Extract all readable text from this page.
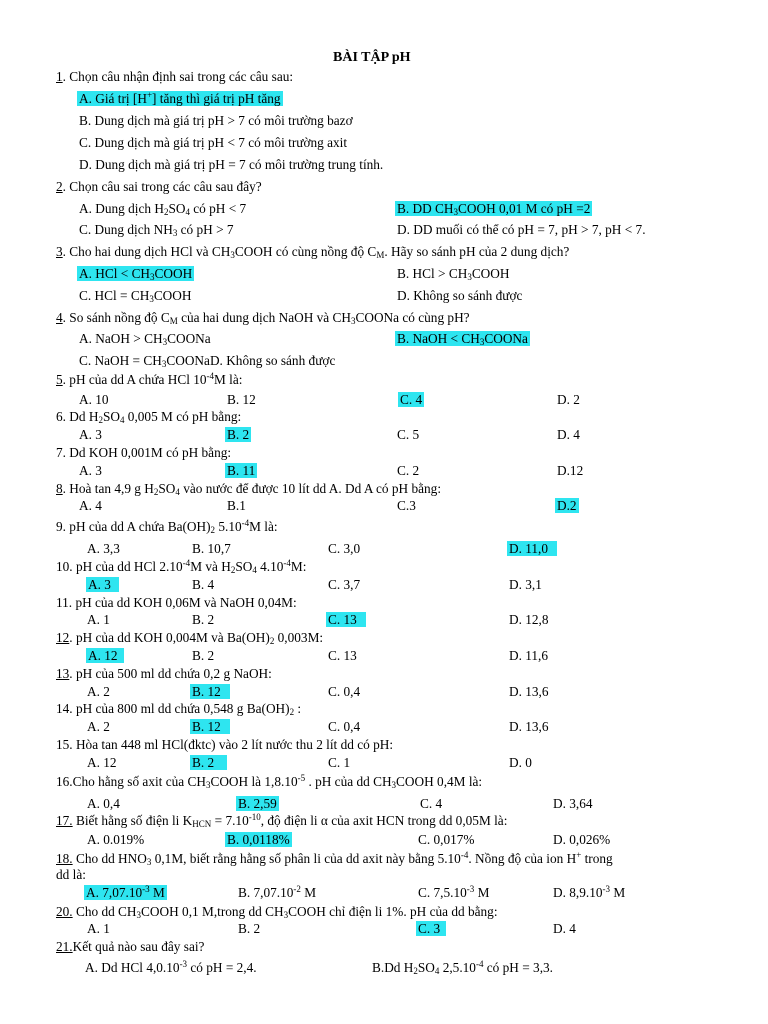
BÀI TẬP pH
1. Chọn câu nhận định sai trong các câu sau:
A. Giá trị [H+] tăng thì giá trị pH tăng
B. Dung dịch mà giá trị pH > 7 có môi trường bazơ
C. Dung dịch mà giá trị pH < 7 có môi trường axit
D. Dung dịch mà giá trị pH = 7 có môi trường trung tính.
2. Chọn câu sai trong các câu sau đây?
A. Dung dịch $H_2SO_4$ có pH < 7	B. DD $CH_3COOH$ 0,01 M có pH =2
C. Dung dịch $NH_3$ có pH > 7	D. DD muối có thể có pH = 7, pH > 7, pH < 7.
3. Cho hai dung dịch HCl và $CH_3COOH$ có cùng nồng độ $C_M$. Hãy so sánh pH của 2 dung dịch?
A. HCl < $CH_3COOH$	B. HCl > $CH_3COOH$
C. HCl = $CH_3COOH$	D. Không so sánh được
4. So sánh nồng độ $C_M$ của hai dung dịch NaOH và $CH_3COONa$ có cùng pH?
A. NaOH > $CH_3COONa$	B. NaOH < $CH_3COONa$
C. NaOH = $CH_3COONaD$. Không so sánh được
5. pH của dd A chứa HCl $10^{-4}M$ là:
A. 10	B. 12	C. 4	D. 2
6. Dd $H_2SO_4$ 0,005 M có pH bằng:
A. 3	B. 2	C. 5	D. 4
7. Dd KOH 0,001M có pH bằng:
A. 3	B. 11	C. 2	D.12
8. Hoà tan 4,9 g $H_2SO_4$ vào nước để được 10 lít dd A. Dd A có pH bằng:
A. 4	B.1	C.3	D.2
9. pH của dd A chứa $Ba(OH)_2$ $5.10^{-4}M$ là:
A. 3,3	B. 10,7	C. 3,0	D. 11,0
10. pH của dd HCl $2.10^{-4}M$ và $H_2SO_4$ $4.10^{-4}M$:
A. 3	B. 4	C. 3,7	D. 3,1
11. pH của dd KOH 0,06M và NaOH 0,04M:
A. 1	B. 2	C. 13	D. 12,8
12. pH của dd KOH 0,004M và $Ba(OH)_2$ 0,003M:
A. 12	B. 2	C. 13	D. 11,6
13. pH của 500 ml dd chứa 0,2 g NaOH:
A. 2	B. 12	C. 0,4	D. 13,6
14. pH của 800 ml dd chứa 0,548 g $Ba(OH)_2$ :
A. 2	B. 12	C. 0,4	D. 13,6
15. Hòa tan 448 ml HCl(đktc) vào 2 lít nước thu 2 lít dd có pH:
A. 12	B. 2	C. 1	D. 0
16.Cho hằng số axit của $CH_3COOH$ là $1,8.10^{-5}$ . pH của dd $CH_3COOH$ 0,4M là:
A. 0,4	B. 2,59	C. 4	D. 3,64
17. Biết hằng số điện li $K_{HCN} = 7.10^{-10}$, độ điện li α của axit HCN trong dd 0,05M là:
A. 0.019%	B. 0,0118%	C. 0,017%	D. 0,026%
18. Cho dd $HNO_3$ 0,1M, biết rằng hằng số phân li của dd axit này bằng $5.10^{-4}$. Nồng độ của ion H+ trong
dd là:
A. $7,07.10^{-3}$ M	B. $7,07.10^{-2}$ M	C. $7,5.10^{-3}$ M	D. $8,9.10^{-3}$ M
20. Cho dd $CH_3COOH$ 0,1 M,trong dd $CH_3COOH$ chỉ điện li 1%. pH của dd bằng:
A. 1	B. 2	C. 3	D. 4
21.Kết quả nào sau đây sai?
A. Dd HCl $4,0.10^{-3}$ có pH = 2,4.	B.Dd $H_2SO_4$ $2,5.10^{-4}$ có pH = 3,3.
